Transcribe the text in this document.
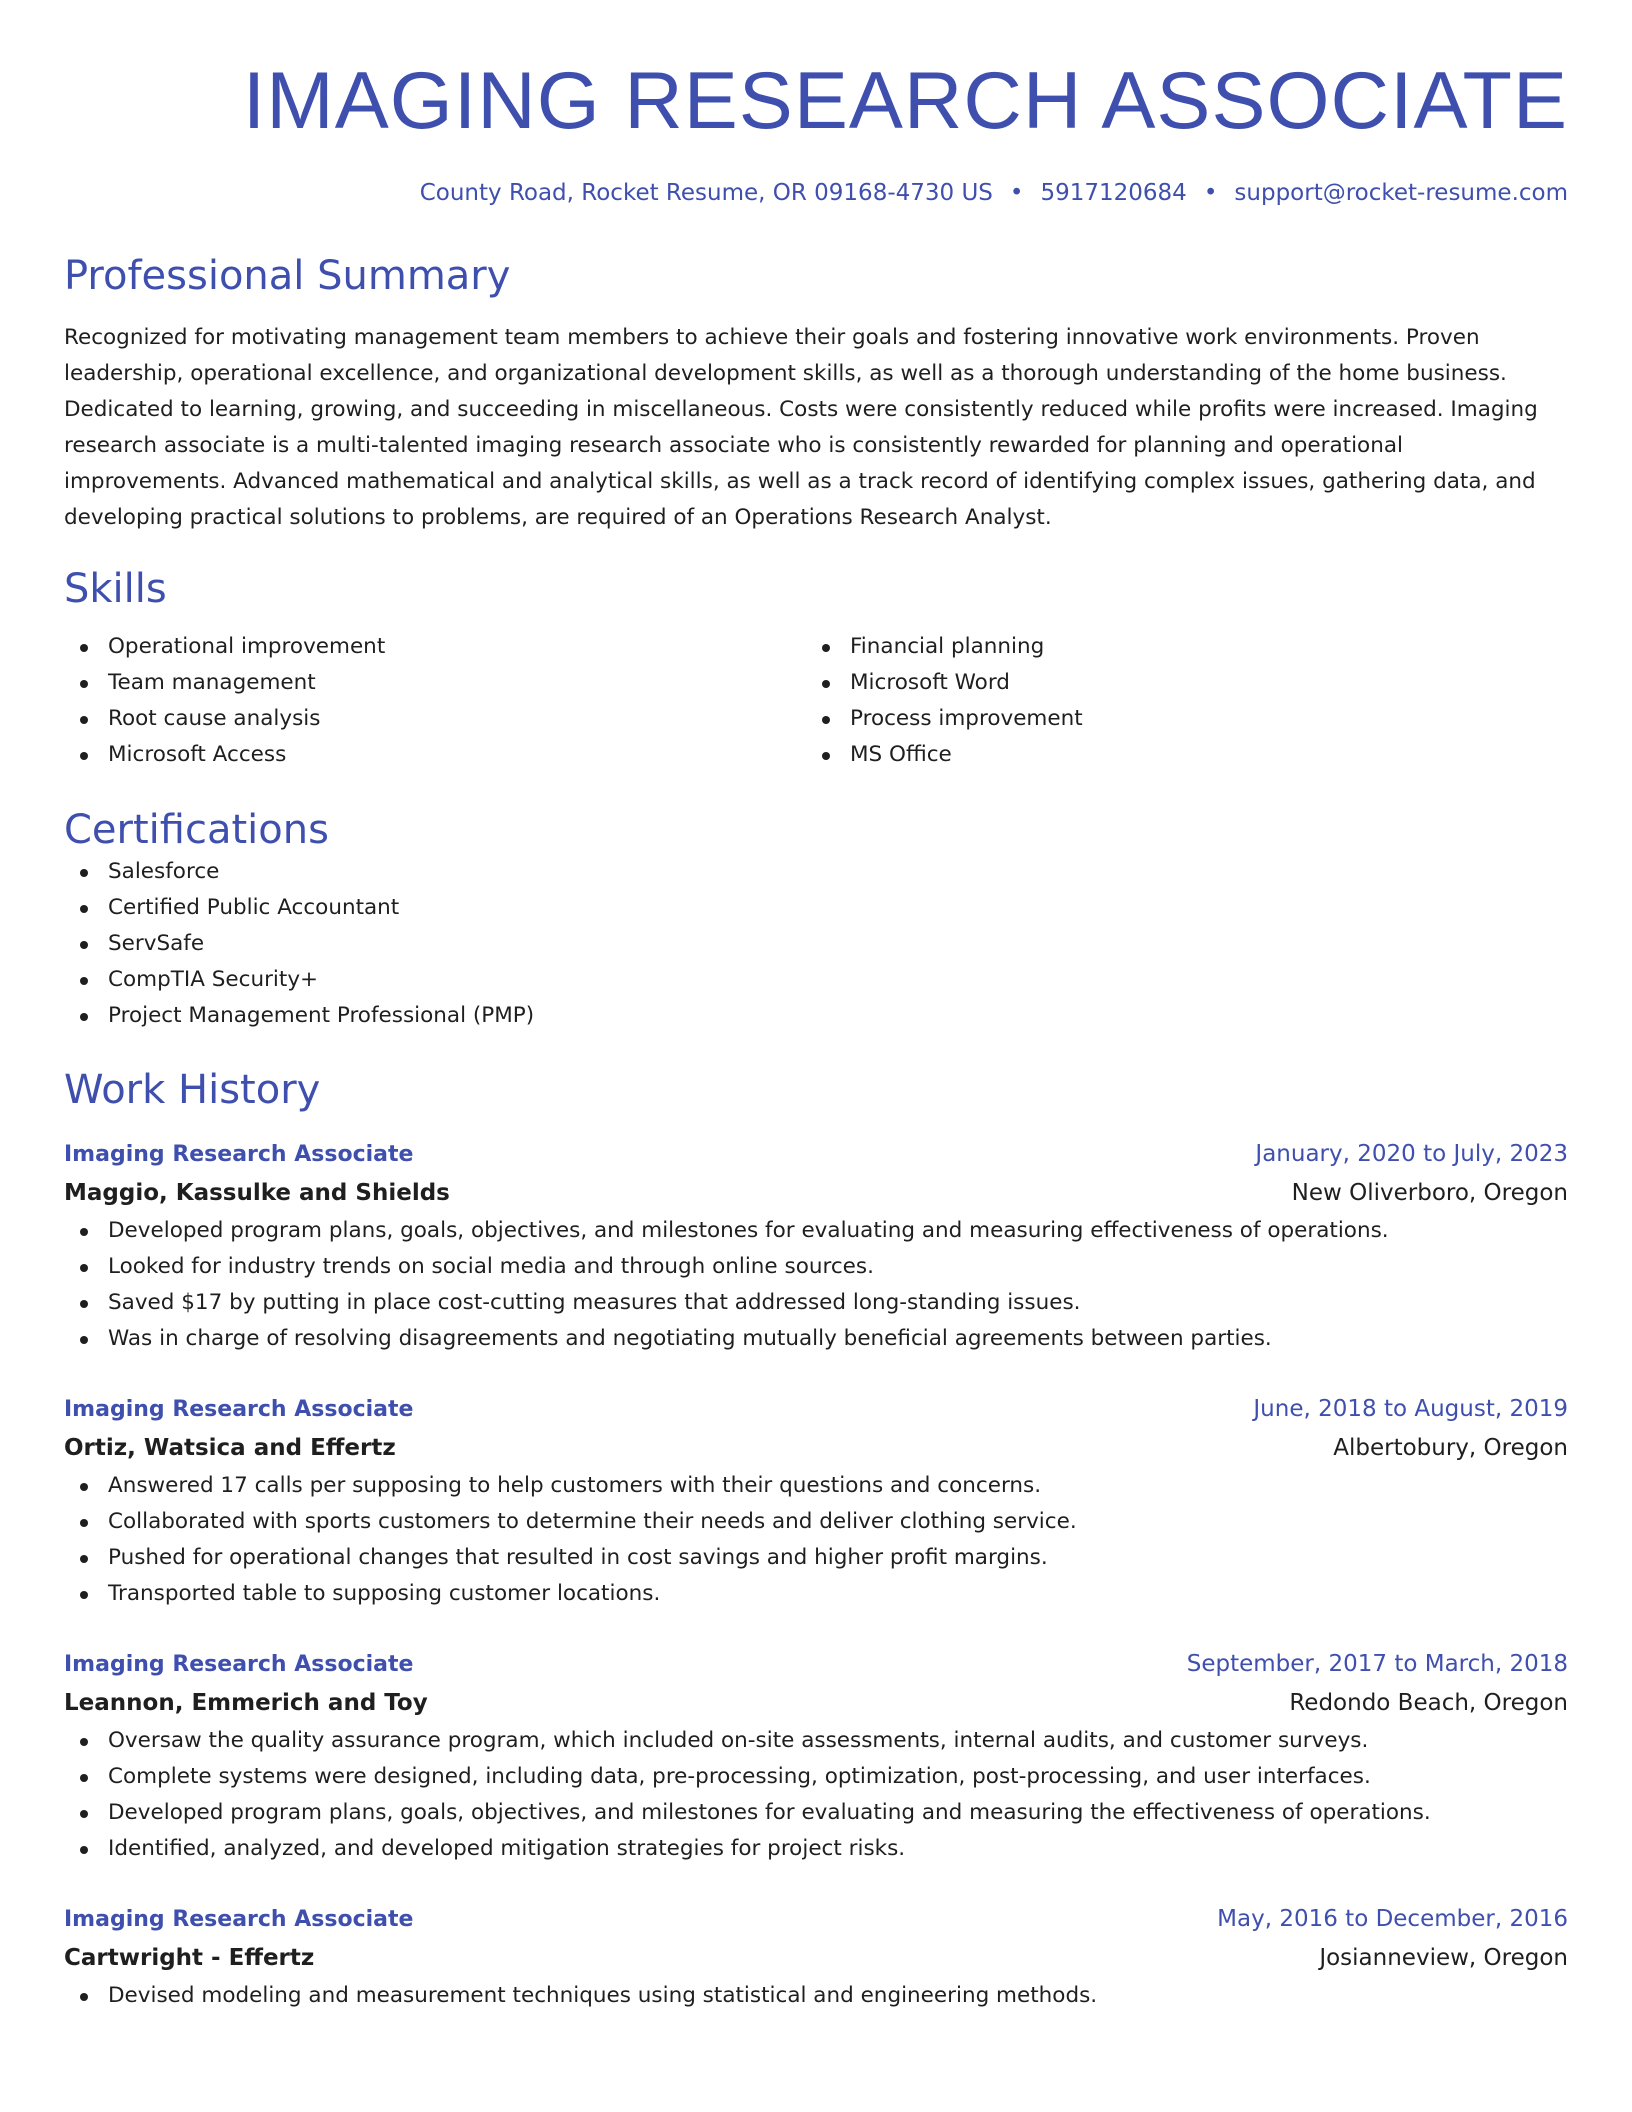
IMAGING RESEARCH ASSOCIATE
County Road, Rocket Resume, OR 09168-4730 US • 5917120684 • support@rocket-resume.com
Professional Summary

Recognized for motivating management team members to achieve their goals and fostering innovative work environments. Proven leadership, operational excellence, and organizational development skills, as well as a thorough understanding of the home business. Dedicated to learning, growing, and succeeding in miscellaneous. Costs were consistently reduced while profits were increased. Imaging research associate is a multi-talented imaging research associate who is consistently rewarded for planning and operational improvements. Advanced mathematical and analytical skills, as well as a track record of identifying complex issues, gathering data, and developing practical solutions to problems, are required of an Operations Research Analyst.

Skills
Operational improvement
Team management
Root cause analysis
Microsoft Access
Financial planning
Microsoft Word
Process improvement
MS Office
Certifications
Salesforce
Certified Public Accountant
ServSafe
CompTIA Security+
Project Management Professional (PMP)
Work History
Imaging Research Associate	January, 2020 to July, 2023
Maggio, Kassulke and Shields	New Oliverboro, Oregon
Developed program plans, goals, objectives, and milestones for evaluating and measuring effectiveness of operations.
Looked for industry trends on social media and through online sources.
Saved $17 by putting in place cost-cutting measures that addressed long-standing issues.
Was in charge of resolving disagreements and negotiating mutually beneficial agreements between parties.
Imaging Research Associate	June, 2018 to August, 2019
Ortiz, Watsica and Effertz	Albertobury, Oregon
Answered 17 calls per supposing to help customers with their questions and concerns.
Collaborated with sports customers to determine their needs and deliver clothing service.
Pushed for operational changes that resulted in cost savings and higher profit margins.
Transported table to supposing customer locations.
Imaging Research Associate	September, 2017 to March, 2018
Leannon, Emmerich and Toy	Redondo Beach, Oregon
Oversaw the quality assurance program, which included on-site assessments, internal audits, and customer surveys.
Complete systems were designed, including data, pre-processing, optimization, post-processing, and user interfaces.
Developed program plans, goals, objectives, and milestones for evaluating and measuring the effectiveness of operations.
Identified, analyzed, and developed mitigation strategies for project risks.
Imaging Research Associate	May, 2016 to December, 2016
Cartwright - Effertz	Josianneview, Oregon
Devised modeling and measurement techniques using statistical and engineering methods.
